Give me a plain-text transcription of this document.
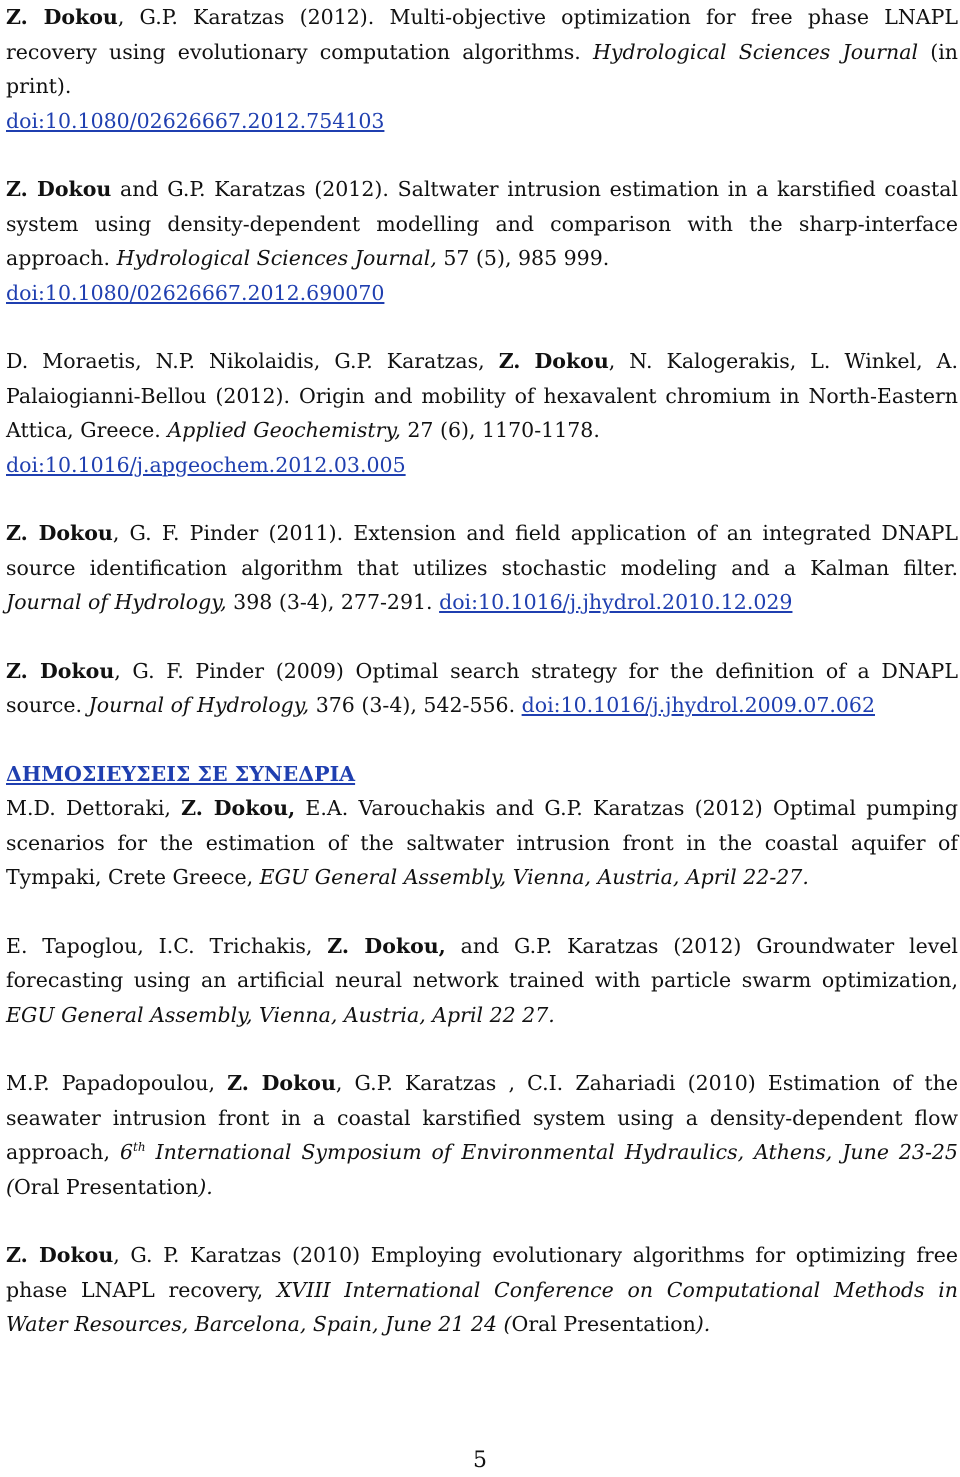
Z. Dokou, G.P. Karatzas (2012). Multi-objective optimization for free phase LNAPL recovery using evolutionary computation algorithms. Hydrological Sciences Journal (in print).
doi:10.1080/02626667.2012.754103

Z. Dokou and G.P. Karatzas (2012). Saltwater intrusion estimation in a karstified coastal system using density-dependent modelling and comparison with the sharp-interface approach. Hydrological Sciences Journal, 57 (5), 985 999.
doi:10.1080/02626667.2012.690070

D. Moraetis, N.P. Nikolaidis, G.P. Karatzas, Z. Dokou, N. Kalogerakis, L. Winkel, A. Palaiogianni-Bellou (2012). Origin and mobility of hexavalent chromium in North-Eastern Attica, Greece. Applied Geochemistry, 27 (6), 1170-1178.
doi:10.1016/j.apgeochem.2012.03.005

Z. Dokou, G. F. Pinder (2011). Extension and field application of an integrated DNAPL source identification algorithm that utilizes stochastic modeling and a Kalman filter. Journal of Hydrology, 398 (3-4), 277-291. doi:10.1016/j.jhydrol.2010.12.029

Z. Dokou, G. F. Pinder (2009) Optimal search strategy for the definition of a DNAPL source. Journal of Hydrology, 376 (3-4), 542-556. doi:10.1016/j.jhydrol.2009.07.062

ΔΗΜΟΣΙΕΥΣΕΙΣ ΣΕ ΣΥΝΕΔΡΙΑ

M.D. Dettoraki, Z. Dokou, E.A. Varouchakis and G.P. Karatzas (2012) Optimal pumping scenarios for the estimation of the saltwater intrusion front in the coastal aquifer of Tympaki, Crete Greece, EGU General Assembly, Vienna, Austria, April 22-27.

E. Tapoglou, I.C. Trichakis, Z. Dokou, and G.P. Karatzas (2012) Groundwater level forecasting using an artificial neural network trained with particle swarm optimization, EGU General Assembly, Vienna, Austria, April 22 27.

M.P. Papadopoulou, Z. Dokou, G.P. Karatzas , C.I. Zahariadi (2010) Estimation of the seawater intrusion front in a coastal karstified system using a density-dependent flow approach, 6th International Symposium of Environmental Hydraulics, Athens, June 23-25 (Oral Presentation).

Z. Dokou, G. P. Karatzas (2010) Employing evolutionary algorithms for optimizing free phase LNAPL recovery, XVIII International Conference on Computational Methods in Water Resources, Barcelona, Spain, June 21 24 (Oral Presentation).

5
